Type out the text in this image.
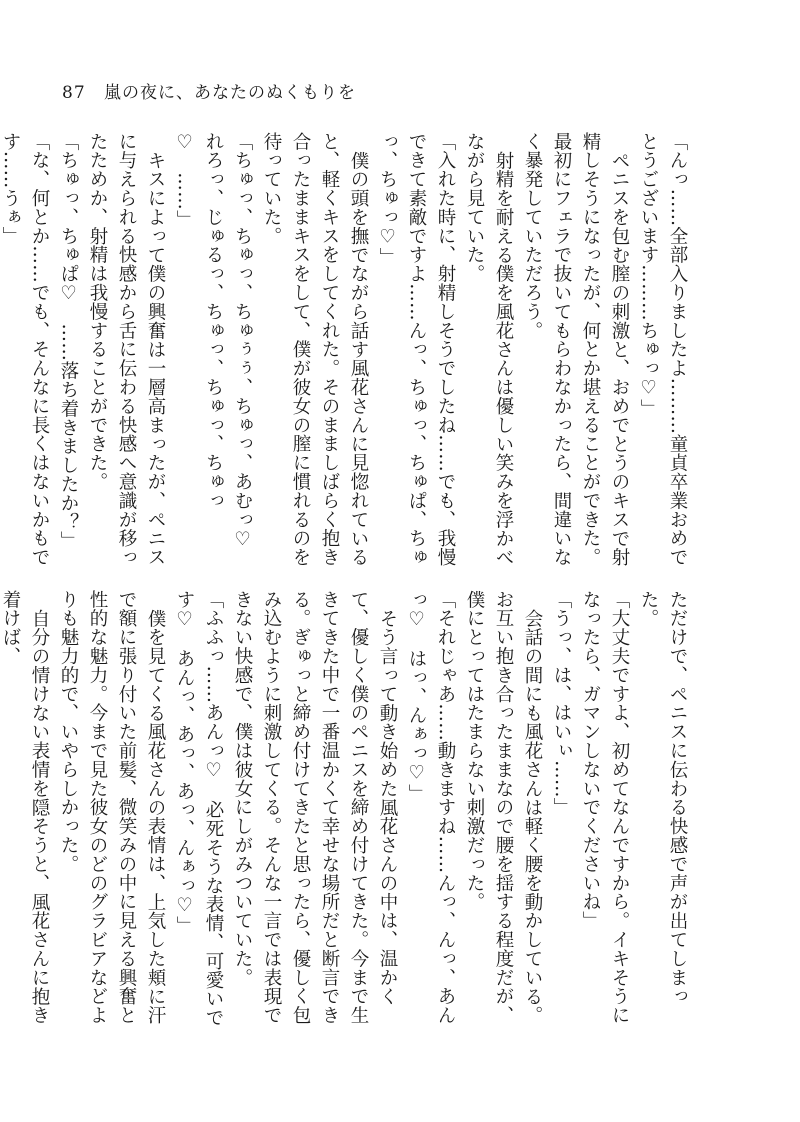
87 嵐の夜に、あなたのぬくもりを

「んっ……全部入りましたよ………童貞卒業おめでとうございます………ちゅっ♡」

ペニスを包む膣の刺激と、おめでとうのキスで射精しそうになったが、何とか堪えることができた。最初にフェラで抜いてもらわなかったら、間違いなく暴発していただろう。

射精を耐える僕を風花さんは優しい笑みを浮かべながら見ていた。

「入れた時に、射精しそうでしたね……でも、我慢できて素敵ですよ……んっ、ちゅっ、ちゅぱ、ちゅっ、ちゅっ♡」

僕の頭を撫でながら話す風花さんに見惚れていると、軽くキスをしてくれた。そのまましばらく抱き合ったままキスをして、僕が彼女の膣に慣れるのを待っていた。

「ちゅっ、ちゅっ、ちゅぅぅ、ちゅっ、あむっ♡　れろっ、じゅるっ、ちゅっ、ちゅっ、ちゅっ♡　……」

キスによって僕の興奮は一層高まったが、ペニスに与えられる快感から舌に伝わる快感へ意識が移ったためか、射精は我慢することができた。

「ちゅっ、ちゅぱ♡　……落ち着きましたか？」

「な、何とか……でも、そんなに長くはないかもです……うぁ」

ただけで、ペニスに伝わる快感で声が出てしまった。

「大丈夫ですよ、初めてなんですから。イキそうになったら、ガマンしないでくださいね」

「うっ、は、はいぃ……」

会話の間にも風花さんは軽く腰を動かしている。お互い抱き合ったままなので腰を揺する程度だが、僕にとってはたまらない刺激だった。

「それじゃあ……動きますね……んっ、んっ、あんっ♡　はっ、んぁっ♡」

そう言って動き始めた風花さんの中は、温かくて、優しく僕のペニスを締め付けてきた。今まで生きてきた中で一番温かくて幸せな場所だと断言できる。ぎゅっと締め付けてきたと思ったら、優しく包み込むように刺激してくる。そんな一言では表現できない快感で、僕は彼女にしがみついていた。

「ふふっ……あんっ♡　必死そうな表情、可愛いです♡　あんっ、あっ、あっ、んぁっ♡」

僕を見てくる風花さんの表情は、上気した頬に汗で額に張り付いた前髪、微笑みの中に見える興奮と性的な魅力。今まで見た彼女のどのグラビアなどよりも魅力的で、いやらしかった。

自分の情けない表情を隠そうと、風花さんに抱き着けば、
